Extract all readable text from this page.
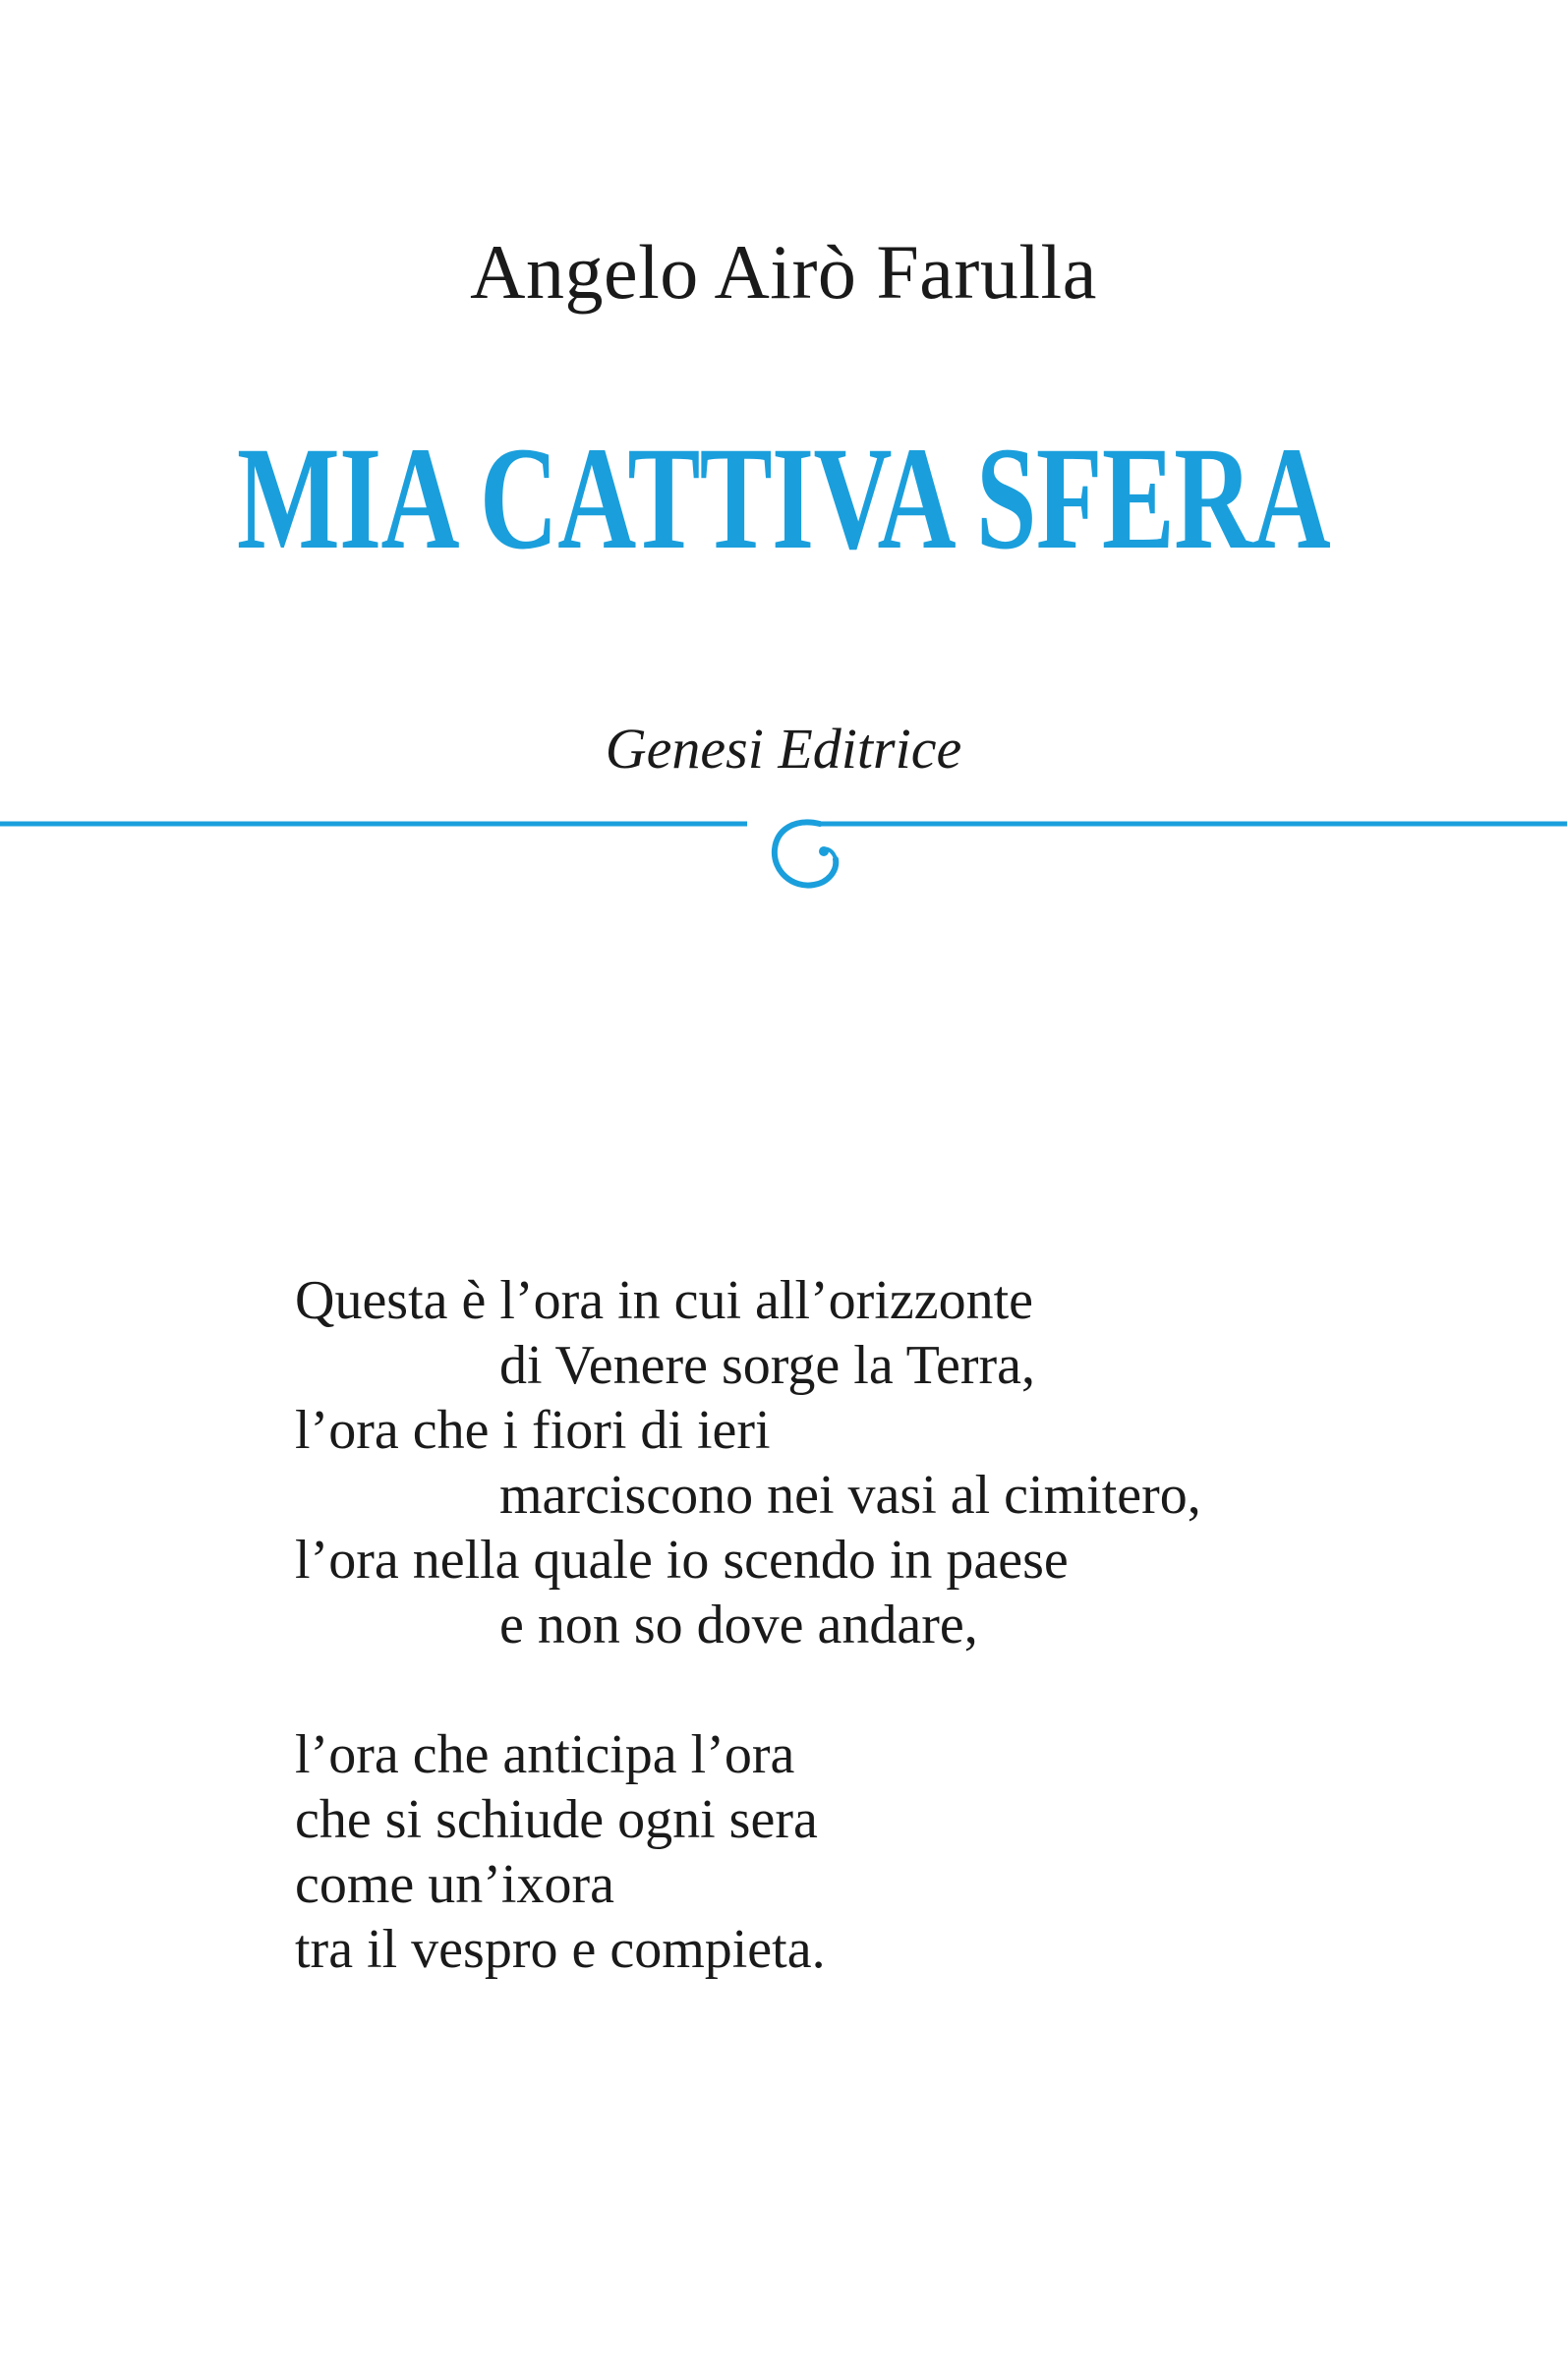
Angelo Airò Farulla
MIA CATTIVA SFERA
Genesi Editrice
Questa è l’ora in cui all’orizzonte
di Venere sorge la Terra,
l’ora che i fiori di ieri
marciscono nei vasi al cimitero,
l’ora nella quale io scendo in paese
e non so dove andare,
l’ora che anticipa l’ora
che si schiude ogni sera
come un’ixora
tra il vespro e compieta.
